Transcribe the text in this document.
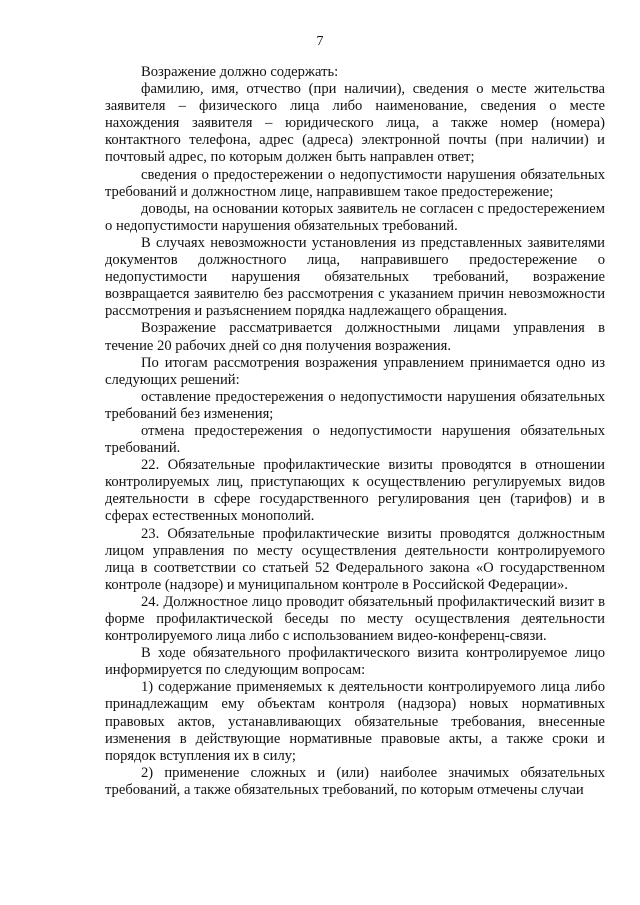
7

Возражение должно содержать:

фамилию, имя, отчество (при наличии), сведения о месте жительства заявителя – физического лица либо наименование, сведения о месте нахождения заявителя – юридического лица, а также номер (номера) контактного телефона, адрес (адреса) электронной почты (при наличии) и почтовый адрес, по которым должен быть направлен ответ;

сведения о предостережении о недопустимости нарушения обязательных требований и должностном лице, направившем такое предостережение;

доводы, на основании которых заявитель не согласен с предостережением о недопустимости нарушения обязательных требований.

В случаях невозможности установления из представленных заявителями документов должностного лица, направившего предостережение о недопустимости нарушения обязательных требований, возражение возвращается заявителю без рассмотрения с указанием причин невозможности рассмотрения и разъяснением порядка надлежащего обращения.

Возражение рассматривается должностными лицами управления в течение 20 рабочих дней со дня получения возражения.

По итогам рассмотрения возражения управлением принимается одно из следующих решений:

оставление предостережения о недопустимости нарушения обязательных требований без изменения;

отмена предостережения о недопустимости нарушения обязательных требований.

22. Обязательные профилактические визиты проводятся в отношении контролируемых лиц, приступающих к осуществлению регулируемых видов деятельности в сфере государственного регулирования цен (тарифов) и в сферах естественных монополий.

23. Обязательные профилактические визиты проводятся должностным лицом управления по месту осуществления деятельности контролируемого лица в соответствии со статьей 52 Федерального закона «О государственном контроле (надзоре) и муниципальном контроле в Российской Федерации».

24. Должностное лицо проводит обязательный профилактический визит в форме профилактической беседы по месту осуществления деятельности контролируемого лица либо с использованием видео-конференц-связи.

В ходе обязательного профилактического визита контролируемое лицо информируется по следующим вопросам:

1) содержание применяемых к деятельности контролируемого лица либо принадлежащим ему объектам контроля (надзора) новых нормативных правовых актов, устанавливающих обязательные требования, внесенные изменения в действующие нормативные правовые акты, а также сроки и порядок вступления их в силу;

2) применение сложных и (или) наиболее значимых обязательных требований, а также обязательных требований, по которым отмечены случаи
